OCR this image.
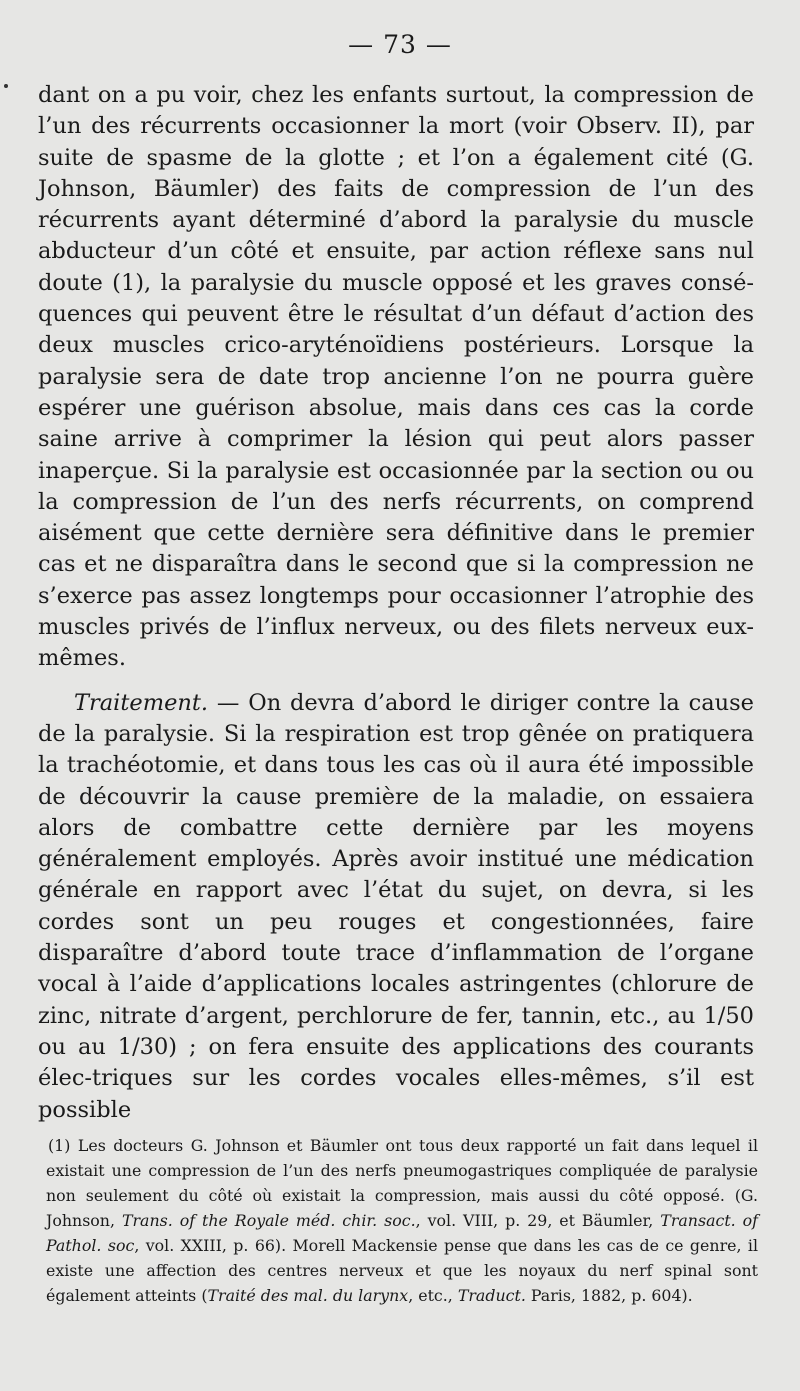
— 73 —

dant on a pu voir, chez les enfants surtout, la compression de l’un des récurrents occasionner la mort (voir Observ. II), par suite de spasme de la glotte ; et l’on a également cité (G. Johnson, Bäumler) des faits de compression de l’un des récurrents ayant déterminé d’abord la paralysie du muscle abducteur d’un côté et ensuite, par action réflexe sans nul doute (1), la paralysie du muscle opposé et les graves consé-quences qui peuvent être le résultat d’un défaut d’action des deux muscles crico-aryténoïdiens postérieurs. Lorsque la paralysie sera de date trop ancienne l’on ne pourra guère espérer une guérison absolue, mais dans ces cas la corde saine arrive à comprimer la lésion qui peut alors passer inaperçue. Si la paralysie est occasionnée par la section ou ou la compression de l’un des nerfs récurrents, on comprend aisément que cette dernière sera définitive dans le premier cas et ne disparaîtra dans le second que si la compression ne s’exerce pas assez longtemps pour occasionner l’atrophie des muscles privés de l’influx nerveux, ou des filets nerveux eux-mêmes.

Traitement. — On devra d’abord le diriger contre la cause de la paralysie. Si la respiration est trop gênée on pratiquera la trachéotomie, et dans tous les cas où il aura été impossible de découvrir la cause première de la maladie, on essaiera alors de combattre cette dernière par les moyens généralement employés. Après avoir institué une médication générale en rapport avec l’état du sujet, on devra, si les cordes sont un peu rouges et congestionnées, faire disparaître d’abord toute trace d’inflammation de l’organe vocal à l’aide d’applications locales astringentes (chlorure de zinc, nitrate d’argent, perchlorure de fer, tannin, etc., au 1/50 ou au 1/30) ; on fera ensuite des applications des courants élec-triques sur les cordes vocales elles-mêmes, s’il est possible

(1) Les docteurs G. Johnson et Bäumler ont tous deux rapporté un fait dans lequel il existait une compression de l’un des nerfs pneumogastriques compliquée de paralysie non seulement du côté où existait la compression, mais aussi du côté opposé. (G. Johnson, Trans. of the Royale méd. chir. soc., vol. VIII, p. 29, et Bäumler, Transact. of Pathol. soc, vol. XXIII, p. 66). Morell Mackensie pense que dans les cas de ce genre, il existe une affection des centres nerveux et que les noyaux du nerf spinal sont également atteints (Traité des mal. du larynx, etc., Traduct. Paris, 1882, p. 604).
